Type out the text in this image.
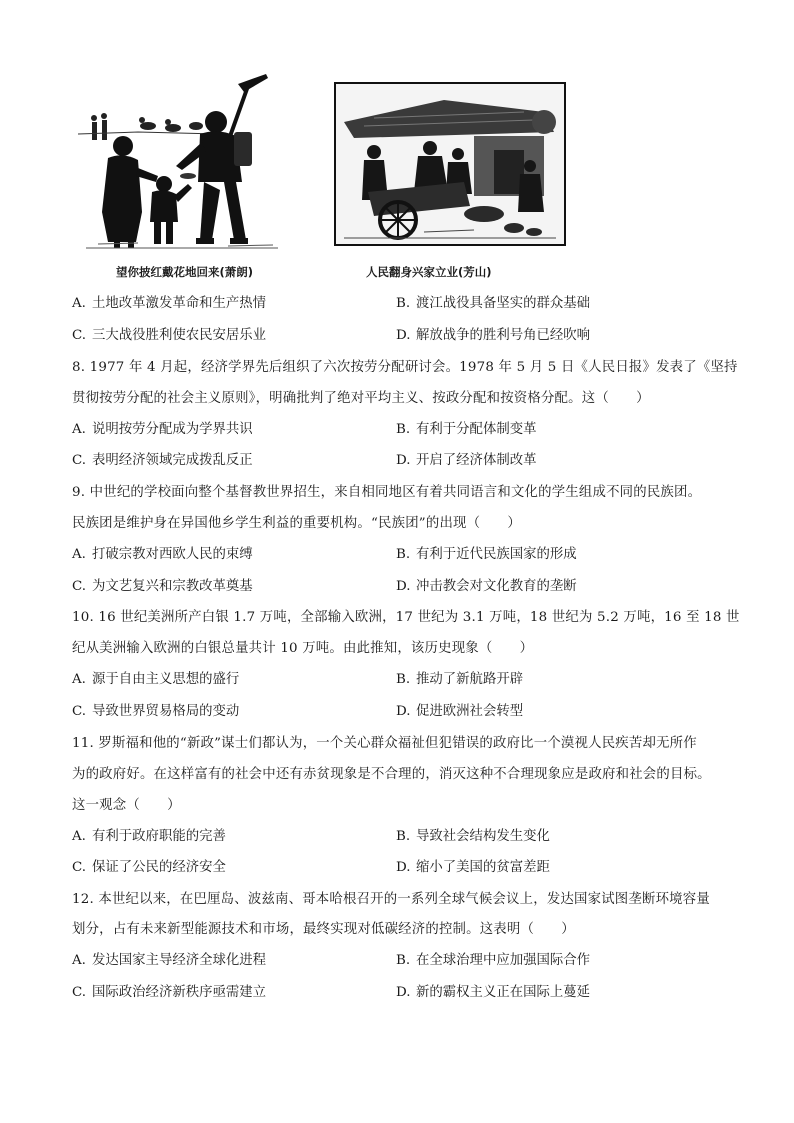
望你披红戴花地回来(萧朗)	人民翻身兴家立业(芳山)
A. 土地改革激发革命和生产热情	B. 渡江战役具备坚实的群众基础
C. 三大战役胜利使农民安居乐业	D. 解放战争的胜利号角已经吹响
8. 1977 年 4 月起，经济学界先后组织了六次按劳分配研讨会。1978 年 5 月 5 日《人民日报》发表了《坚持
贯彻按劳分配的社会主义原则》，明确批判了绝对平均主义、按政分配和按资格分配。这（　　）
A. 说明按劳分配成为学界共识	B. 有利于分配体制变革
C. 表明经济领域完成拨乱反正	D. 开启了经济体制改革
9. 中世纪的学校面向整个基督教世界招生，来自相同地区有着共同语言和文化的学生组成不同的民族团。
民族团是维护身在异国他乡学生利益的重要机构。“民族团”的出现（　　）
A. 打破宗教对西欧人民的束缚	B. 有利于近代民族国家的形成
C. 为文艺复兴和宗教改革奠基	D. 冲击教会对文化教育的垄断
10. 16 世纪美洲所产白银 1.7 万吨，全部输入欧洲，17 世纪为 3.1 万吨，18 世纪为 5.2 万吨，16 至 18 世
纪从美洲输入欧洲的白银总量共计 10 万吨。由此推知，该历史现象（　　）
A. 源于自由主义思想的盛行	B. 推动了新航路开辟
C. 导致世界贸易格局的变动	D. 促进欧洲社会转型
11. 罗斯福和他的“新政”谋士们都认为，一个关心群众福祉但犯错误的政府比一个漠视人民疾苦却无所作
为的政府好。在这样富有的社会中还有赤贫现象是不合理的，消灭这种不合理现象应是政府和社会的目标。
这一观念（　　）
A. 有利于政府职能的完善	B. 导致社会结构发生变化
C. 保证了公民的经济安全	D. 缩小了美国的贫富差距
12. 本世纪以来，在巴厘岛、波兹南、哥本哈根召开的一系列全球气候会议上，发达国家试图垄断环境容量
划分，占有未来新型能源技术和市场，最终实现对低碳经济的控制。这表明（　　）
A. 发达国家主导经济全球化进程	B. 在全球治理中应加强国际合作
C. 国际政治经济新秩序亟需建立	D. 新的霸权主义正在国际上蔓延
